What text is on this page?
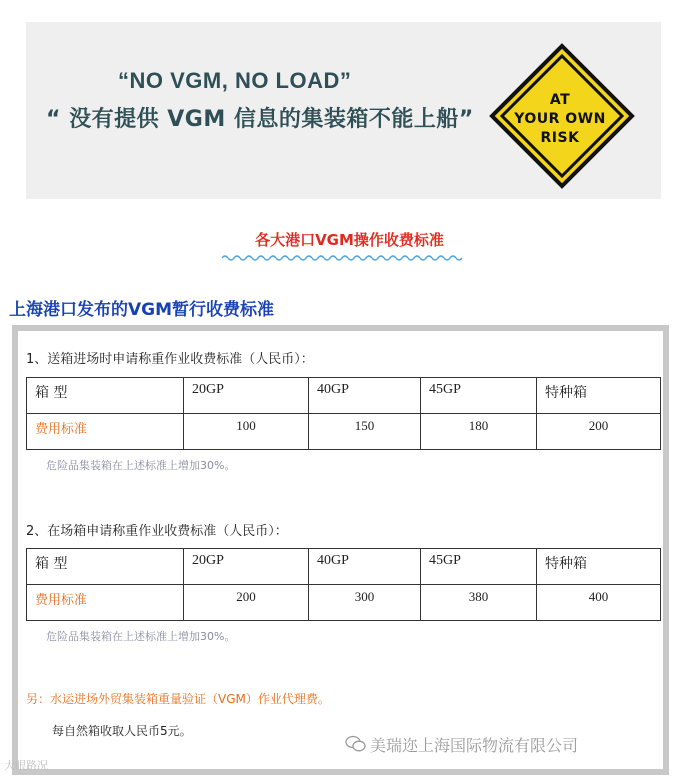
“NO VGM, NO LOAD”
“ 没有提供 VGM 信息的集装箱不能上船”
AT
YOUR OWN
RISK
各大港口VGM操作收费标准
上海港口发布的VGM暂行收费标准
1、送箱进场时申请称重作业收费标准（人民币）：
箱 型	20GP	40GP	45GP	特种箱
费用标准	100	150	180	200
危险品集装箱在上述标准上增加30%。
2、在场箱申请称重作业收费标准（人民币）：
箱 型	20GP	40GP	45GP	特种箱
费用标准	200	300	380	400
危险品集装箱在上述标准上增加30%。
另：水运进场外贸集装箱重量验证（VGM）作业代理费。
每自然箱收取人民币5元。
美瑞迩上海国际物流有限公司
大眼路况
